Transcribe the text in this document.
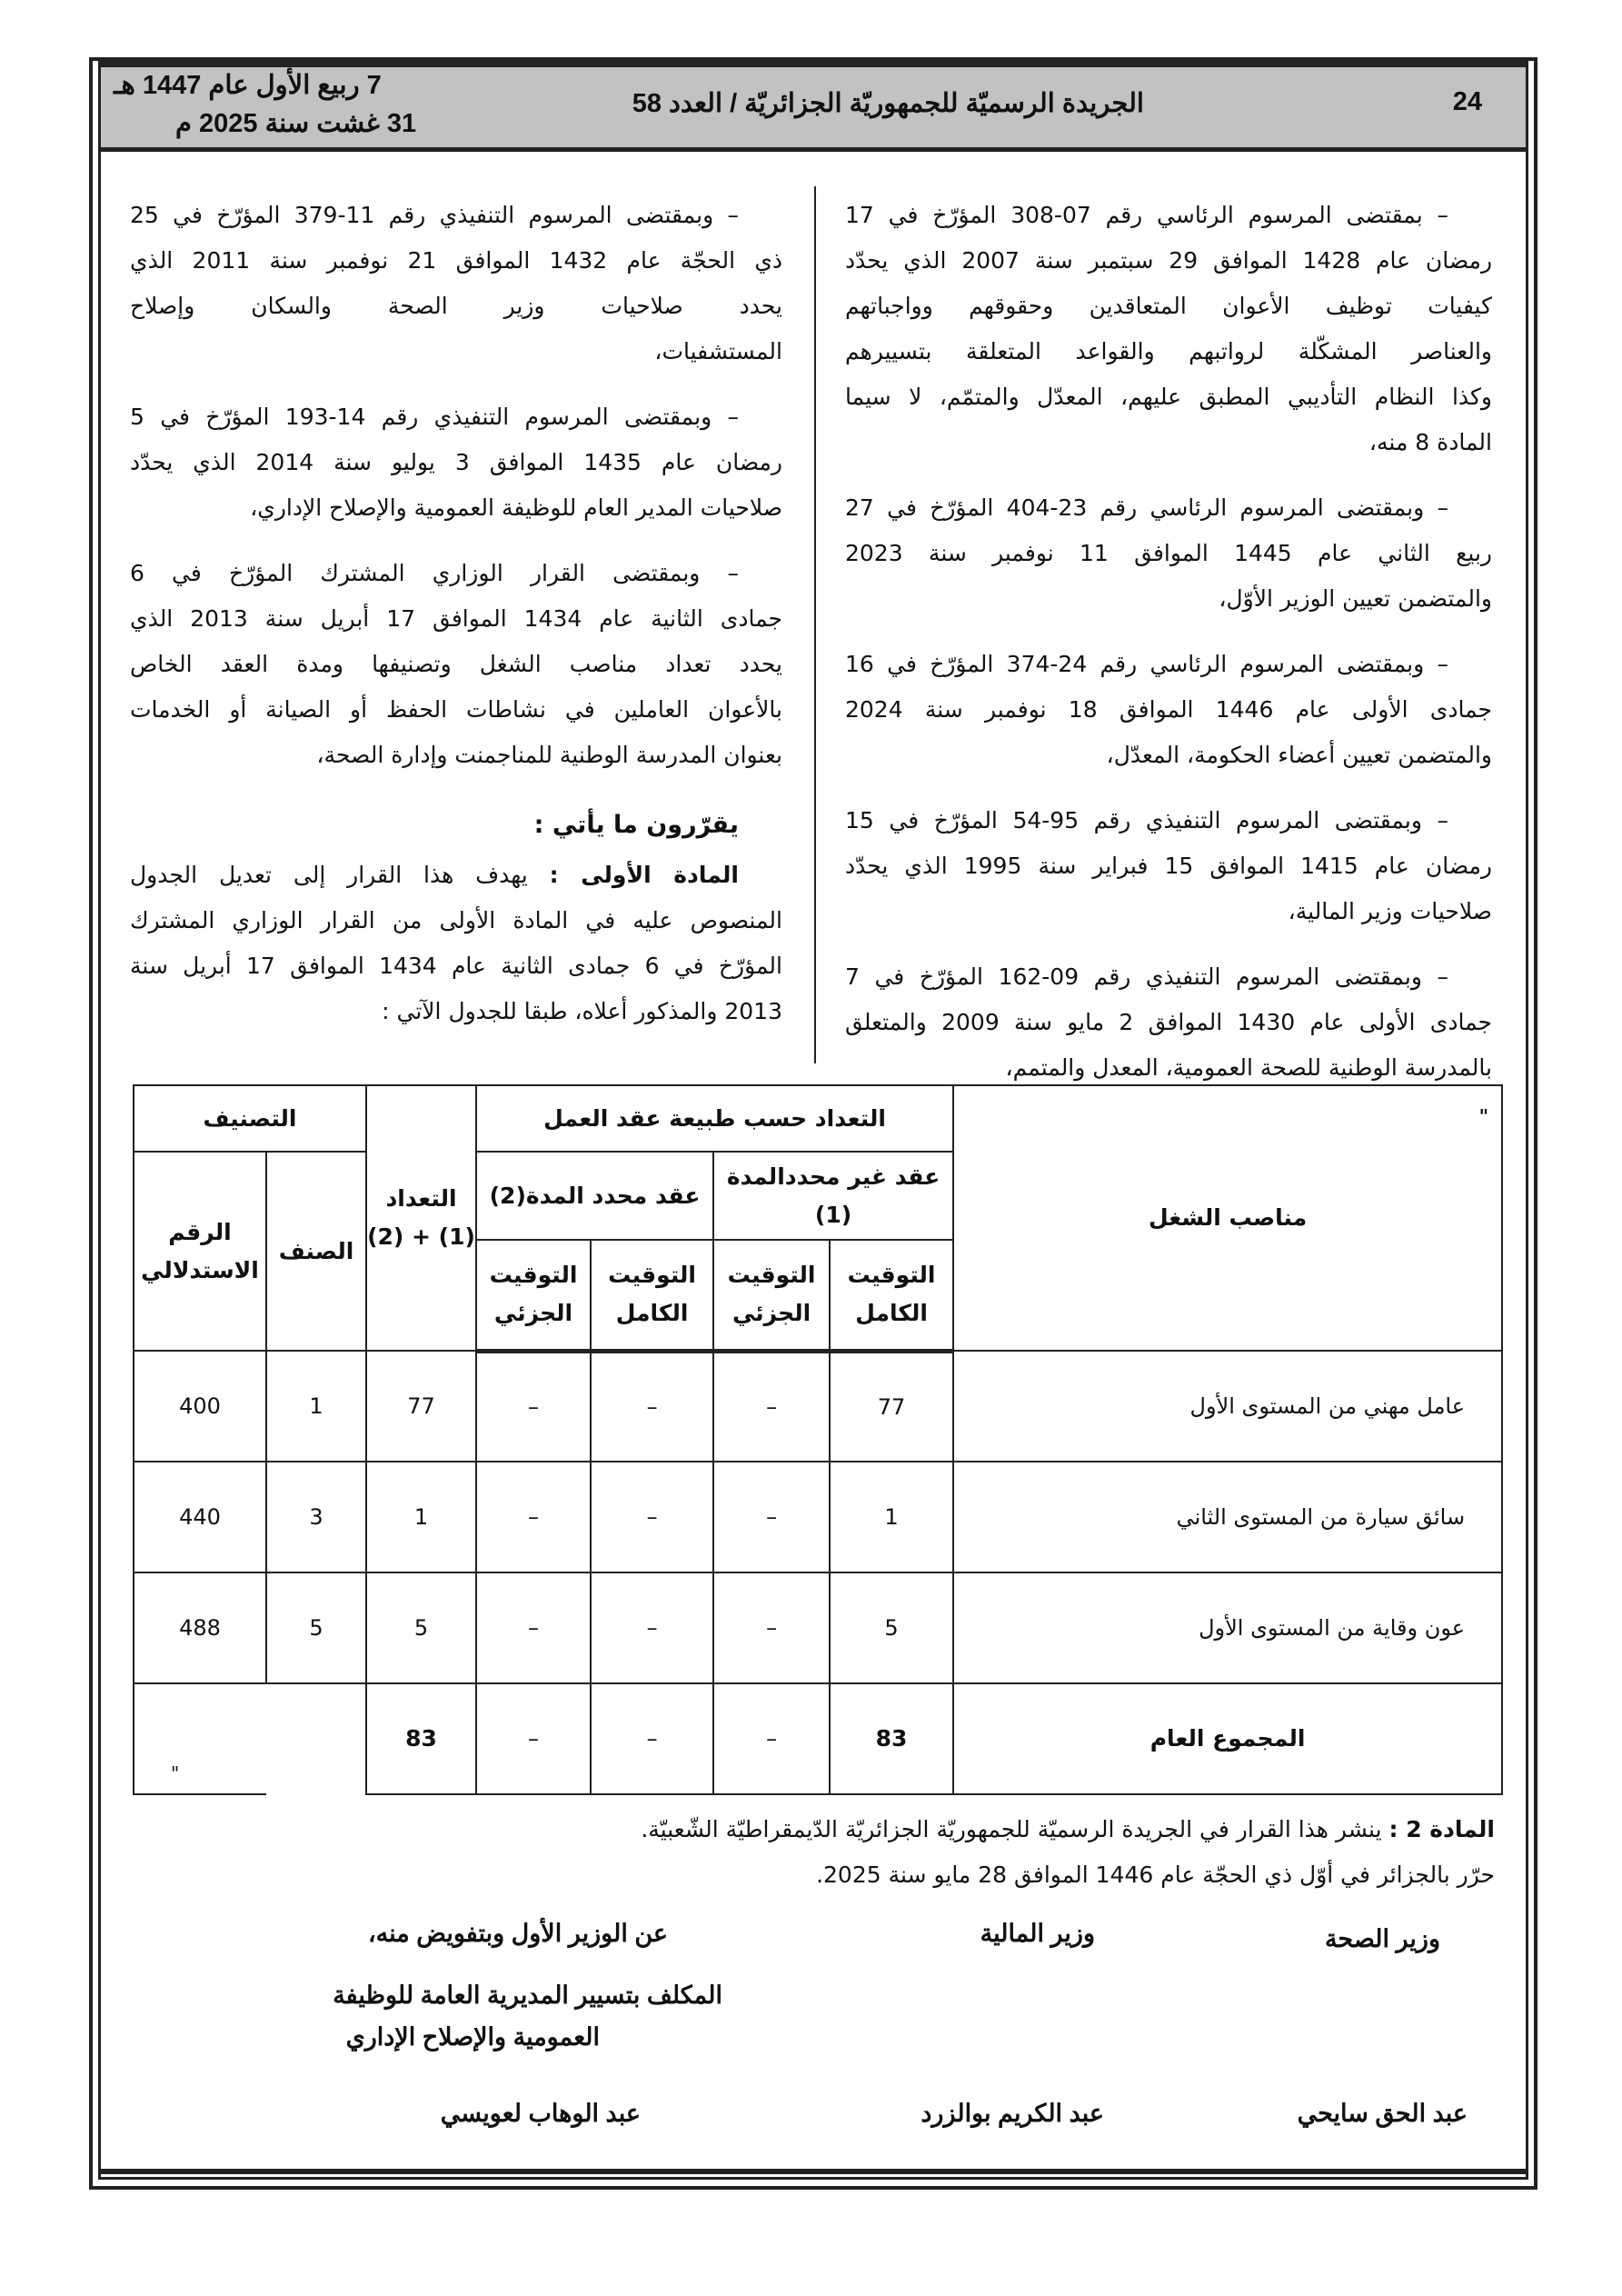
24
الجريدة الرسميّة للجمهوريّة الجزائريّة / العدد 58
7 ربيع الأول عام 1447 هـ
31 غشت سنة 2025 م
– بمقتضى المرسوم الرئاسي رقم 07-308 المؤرّخ في 17
رمضان عام 1428 الموافق 29 سبتمبر سنة 2007 الذي يحدّد
كيفيات توظيف الأعوان المتعاقدين وحقوقهم وواجباتهم
والعناصر المشكّلة لرواتبهم والقواعد المتعلقة بتسييرهم
وكذا النظام التأديبي المطبق عليهم، المعدّل والمتمّم، لا سيما
المادة 8 منه،
– وبمقتضى المرسوم الرئاسي رقم 23-404 المؤرّخ في 27
ربيع الثاني عام 1445 الموافق 11 نوفمبر سنة 2023
والمتضمن تعيين الوزير الأوّل،
– وبمقتضى المرسوم الرئاسي رقم 24-374 المؤرّخ في 16
جمادى الأولى عام 1446 الموافق 18 نوفمبر سنة 2024
والمتضمن تعيين أعضاء الحكومة، المعدّل،
– وبمقتضى المرسوم التنفيذي رقم 95-54 المؤرّخ في 15
رمضان عام 1415 الموافق 15 فبراير سنة 1995 الذي يحدّد
صلاحيات وزير المالية،
– وبمقتضى المرسوم التنفيذي رقم 09-162 المؤرّخ في 7
جمادى الأولى عام 1430 الموافق 2 مايو سنة 2009 والمتعلق
بالمدرسة الوطنية للصحة العمومية، المعدل والمتمم،
– وبمقتضى المرسوم التنفيذي رقم 11-379 المؤرّخ في 25
ذي الحجّة عام 1432 الموافق 21 نوفمبر سنة 2011 الذي
يحدد صلاحيات وزير الصحة والسكان وإصلاح
المستشفيات،
– وبمقتضى المرسوم التنفيذي رقم 14-193 المؤرّخ في 5
رمضان عام 1435 الموافق 3 يوليو سنة 2014 الذي يحدّد
صلاحيات المدير العام للوظيفة العمومية والإصلاح الإداري،
– وبمقتضى القرار الوزاري المشترك المؤرّخ في 6
جمادى الثانية عام 1434 الموافق 17 أبريل سنة 2013 الذي
يحدد تعداد مناصب الشغل وتصنيفها ومدة العقد الخاص
بالأعوان العاملين في نشاطات الحفظ أو الصيانة أو الخدمات
بعنوان المدرسة الوطنية للمناجمنت وإدارة الصحة،
يقرّرون ما يأتي :
المادة الأولى : يهدف هذا القرار إلى تعديل الجدول
المنصوص عليه في المادة الأولى من القرار الوزاري المشترك
المؤرّخ في 6 جمادى الثانية عام 1434 الموافق 17 أبريل سنة
2013 والمذكور أعلاه، طبقا للجدول الآتي :
"
مناصب الشغل	التعداد حسب طبيعة عقد العمل				التعداد (1) + (2)	التصنيف	
	عقد غير محددالمدة (1)		عقد محدد المدة(2)			الصنف	الرقم الاستدلالي
	التوقيت الكامل	التوقيت الجزئي	التوقيت الكامل	التوقيت الجزئي			
عامل مهني من المستوى الأول	77	–	–	–	77	1	400
سائق سيارة من المستوى الثاني	1	–	–	–	1	3	440
عون وقاية من المستوى الأول	5	–	–	–	5	5	488
المجموع العام	83	–	–	–	83		"
المادة 2 : ينشر هذا القرار في الجريدة الرسميّة للجمهوريّة الجزائريّة الدّيمقراطيّة الشّعبيّة.
حرّر بالجزائر في أوّل ذي الحجّة عام 1446 الموافق 28 مايو سنة 2025.
وزير الصحة
وزير المالية
عن الوزير الأول وبتفويض منه،
المكلف بتسيير المديرية العامة للوظيفة
العمومية والإصلاح الإداري
عبد الحق سايحي
عبد الكريم بوالزرد
عبد الوهاب لعويسي
